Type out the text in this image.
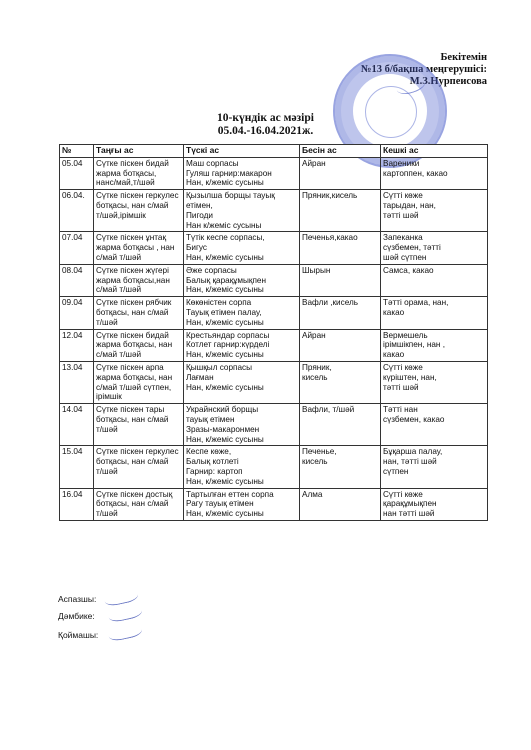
Бекітемін
№13 б/бақша меңгерушісі:
М.З.Нурпеисова
10-күндік ас мәзірі
05.04.-16.04.2021ж.
№	Таңғы ас	Түскі ас	Бесін ас	Кешкі ас
05.04	Сүтке піскен бидай
жарма ботқасы,
нанс/май,т/шәй	Маш сорпасы
Гуляш гарнир:макарон
Нан, к/жеміс сусыны	Айран	Вареники
картоппен, какао

06.04.	Сүтке піскен геркулес
ботқасы, нан с/май
т/шәй,ірімшік	Қызылша борщы тауық
етімен,
Пигоди
Нан к/жеміс сусыны	Пряник,кисель	Сүтті көже
тарыдан, нан,
тәтті шәй

07.04	Сүтке піскен ұнтақ
жарма ботқасы , нан
с/май т/шәй	Түтік кеспе сорпасы,
Бигус
Нан, к/жеміс сусыны	Печенья,какао	Запеканка
сүзбемен, тәтті
шәй сүтпен

08.04	Сүтке піскен жүгері
жарма ботқасы,нан
с/май т/шәй	Әже сорпасы
Балық қарақұмықпен
Нан, к/жеміс сусыны	Шырын	Самса, какао

09.04	Сүтке піскен рябчик
ботқасы, нан с/май
т/шәй	Көкөністен сорпа
Тауық етімен палау,
Нан, к/жеміс сусыны	Вафли ,кисель	Тәтті орама, нан,
какао

12.04	Сүтке піскен бидай
жарма ботқасы, нан
с/май т/шәй	Крестьяндар сорпасы
Котлет гарнир:күрделі
Нан, к/жеміс сусыны	Айран	Вермешель
ірімшікпен, нан ,
какао

13.04	Сүтке піскен арпа
жарма ботқасы, нан
с/май т/шәй сүтпен,
ірімшік	Қышқыл сорпасы
Лағман
Нан, к/жеміс сусыны	Пряник,
кисель	Сүтті көже
күріштен, нан,
тәтті шәй

14.04	Сүтке піскен тары
ботқасы, нан с/май
т/шәй	Украйнский борщы
тауық етімен
Зразы-макаронмен
Нан, к/жеміс сусыны	Вафли, т/шәй	Тәтті нан
сүзбемен, какао

15.04	Сүтке піскен геркулес
ботқасы, нан с/май
т/шәй	Кеспе көже,
Балық котлеті
Гарнир: картоп
Нан, к/жеміс сусыны	Печенье,
кисель	Бұқаршa палау,
нан, тәтті шәй
сүтпен

16.04	Сүтке піскен достық
ботқасы, нан с/май
т/шәй	Тартылған еттен сорпа
Рагу тауық етімен
Нан, к/жеміс сусыны	Алма	Сүтті көже
қарақұмықпен
нан тәтті шәй
Аспазшы:
Дәмбике:
Қоймашы:
